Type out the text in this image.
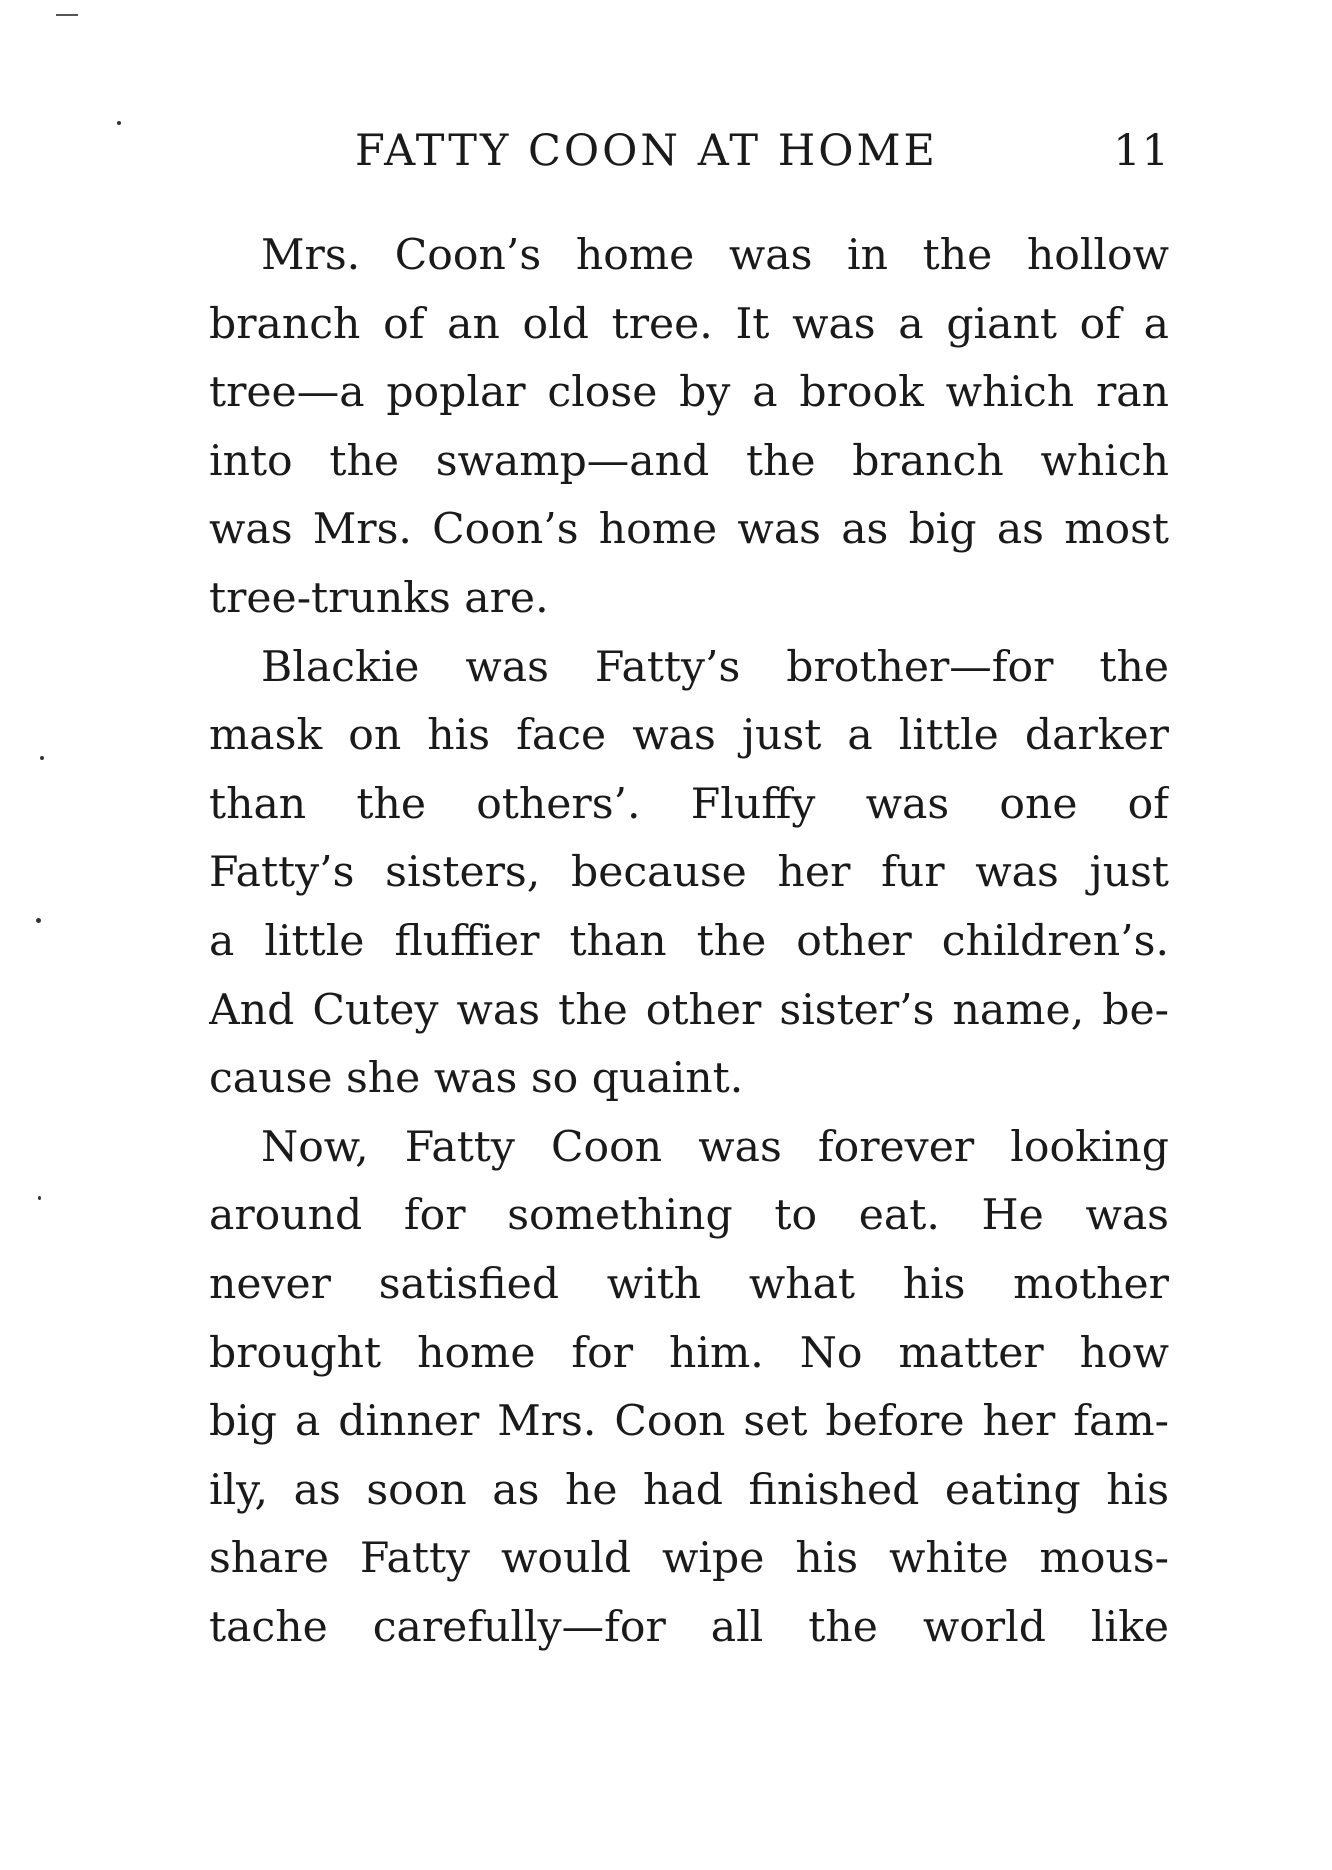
FATTY COON AT HOME	11
Mrs. Coon’s home was in the hollow
branch of an old tree. It was a giant of a
tree—a poplar close by a brook which ran
into the swamp—and the branch which
was Mrs. Coon’s home was as big as most
tree-trunks are.
Blackie was Fatty’s brother—for the
mask on his face was just a little darker
than the others’. Fluffy was one of
Fatty’s sisters, because her fur was just
a little fluffier than the other children’s.
And Cutey was the other sister’s name, be-
cause she was so quaint.
Now, Fatty Coon was forever looking
around for something to eat. He was
never satisfied with what his mother
brought home for him. No matter how
big a dinner Mrs. Coon set before her fam-
ily, as soon as he had finished eating his
share Fatty would wipe his white mous-
tache carefully—for all the world like
